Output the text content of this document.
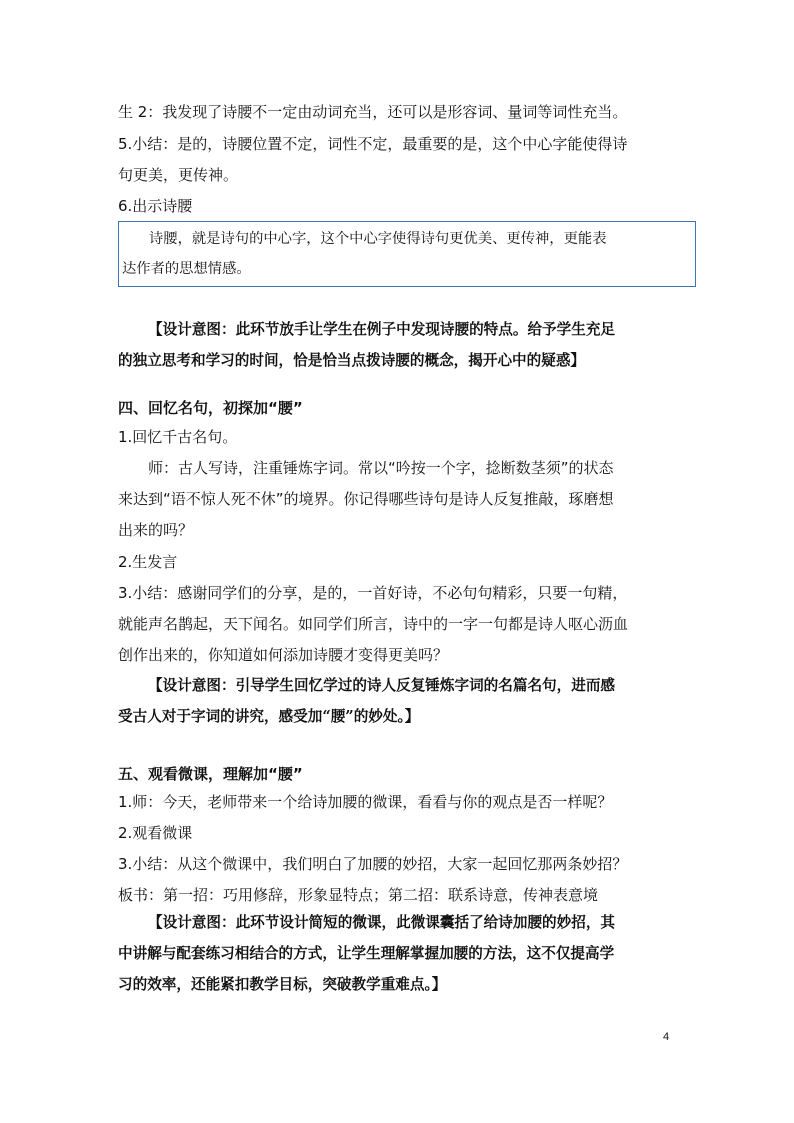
生 2：我发现了诗腰不一定由动词充当，还可以是形容词、量词等词性充当。
5.小结：是的，诗腰位置不定，词性不定，最重要的是，这个中心字能使得诗
句更美，更传神。
6.出示诗腰
诗腰，就是诗句的中心字，这个中心字使得诗句更优美、更传神，更能表
达作者的思想情感。
【设计意图：此环节放手让学生在例子中发现诗腰的特点。给予学生充足
的独立思考和学习的时间，恰是恰当点拨诗腰的概念，揭开心中的疑惑】
四、回忆名句，初探加“腰”
1.回忆千古名句。
师：古人写诗，注重锤炼字词。常以“吟按一个字，捻断数茎须”的状态
来达到“语不惊人死不休”的境界。你记得哪些诗句是诗人反复推敲，琢磨想
出来的吗？
2.生发言
3.小结：感谢同学们的分享，是的，一首好诗，不必句句精彩，只要一句精，
就能声名鹊起，天下闻名。如同学们所言，诗中的一字一句都是诗人呕心沥血
创作出来的，你知道如何添加诗腰才变得更美吗？
【设计意图：引导学生回忆学过的诗人反复锤炼字词的名篇名句，进而感
受古人对于字词的讲究，感受加“腰”的妙处。】
五、观看微课，理解加“腰”
1.师：今天，老师带来一个给诗加腰的微课，看看与你的观点是否一样呢？
2.观看微课
3.小结：从这个微课中，我们明白了加腰的妙招，大家一起回忆那两条妙招？
板书：第一招：巧用修辞，形象显特点；第二招：联系诗意，传神表意境
【设计意图：此环节设计简短的微课，此微课囊括了给诗加腰的妙招，其
中讲解与配套练习相结合的方式，让学生理解掌握加腰的方法，这不仅提高学
习的效率，还能紧扣教学目标，突破教学重难点。】
4
